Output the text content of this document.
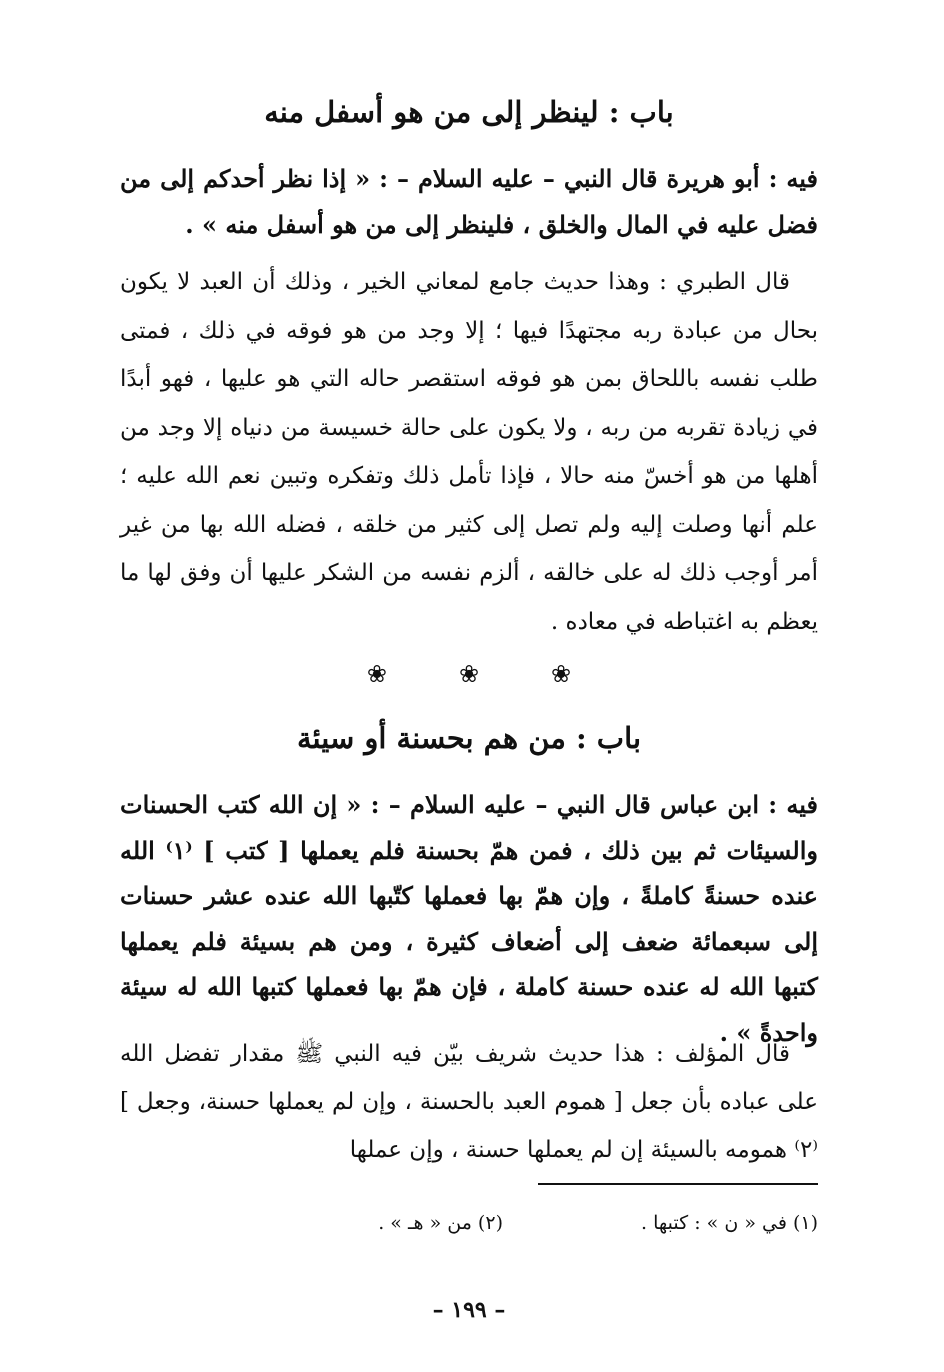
باب : لينظر إلى من هو أسفل منه
فيه : أبو هريرة قال النبي – عليه السلام – : « إذا نظر أحدكم إلى من فضل عليه في المال والخلق ، فلينظر إلى من هو أسفل منه » .
قال الطبري : وهذا حديث جامع لمعاني الخير ، وذلك أن العبد لا يكون بحال من عبادة ربه مجتهدًا فيها ؛ إلا وجد من هو فوقه في ذلك ، فمتى طلب نفسه باللحاق بمن هو فوقه استقصر حاله التي هو عليها ، فهو أبدًا في زيادة تقربه من ربه ، ولا يكون على حالة خسيسة من دنياه إلا وجد من أهلها من هو أخسّ منه حالا ، فإذا تأمل ذلك وتفكره وتبين نعم الله عليه ؛ علم أنها وصلت إليه ولم تصل إلى كثير من خلقه ، فضله الله بها من غير أمر أوجب ذلك له على خالقه ، ألزم نفسه من الشكر عليها أن وفق لها ما يعظم به اغتباطه في معاده .
❀	❀	❀
باب : من هم بحسنة أو سيئة
فيه : ابن عباس قال النبي – عليه السلام – : « إن الله كتب الحسنات والسيئات ثم بين ذلك ، فمن همّ بحسنة فلم يعملها [ كتب ] ⁽١⁾ الله عنده حسنةً كاملةً ، وإن همّ بها فعملها كتّبها الله عنده عشر حسنات إلى سبعمائة ضعف إلى أضعاف كثيرة ، ومن هم بسيئة فلم يعملها كتبها الله له عنده حسنة كاملة ، فإن همّ بها فعملها كتبها الله له سيئة واحدةً » .
قال المؤلف : هذا حديث شريف بيّن فيه النبي ﷺ مقدار تفضل الله على عباده بأن جعل [ هموم العبد بالحسنة ، وإن لم يعملها حسنة، وجعل ] ⁽٢⁾ همومه بالسيئة إن لم يعملها حسنة ، وإن عملها
(١) في « ن » : كتبها .
(٢) من « هـ » .
– ١٩٩ –
